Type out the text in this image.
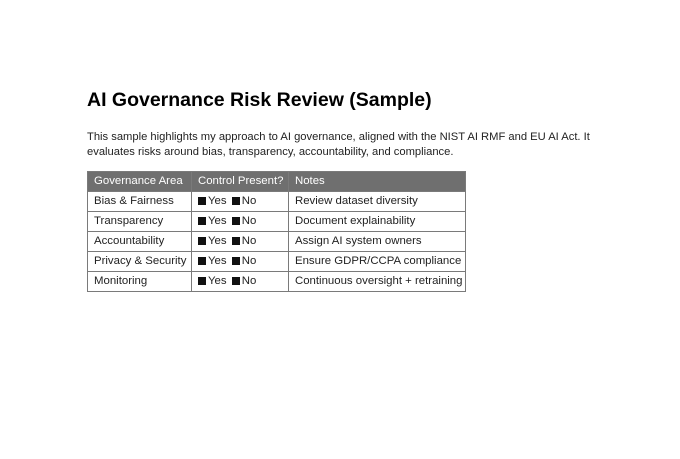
AI Governance Risk Review (Sample)

This sample highlights my approach to AI governance, aligned with the NIST AI RMF and EU AI Act. It
evaluates risks around bias, transparency, accountability, and compliance.

Governance Area	Control Present?	Notes
Bias & Fairness	Yes No	Review dataset diversity
Transparency	Yes No	Document explainability
Accountability	Yes No	Assign AI system owners
Privacy & Security	Yes No	Ensure GDPR/CCPA compliance
Monitoring	Yes No	Continuous oversight + retraining
